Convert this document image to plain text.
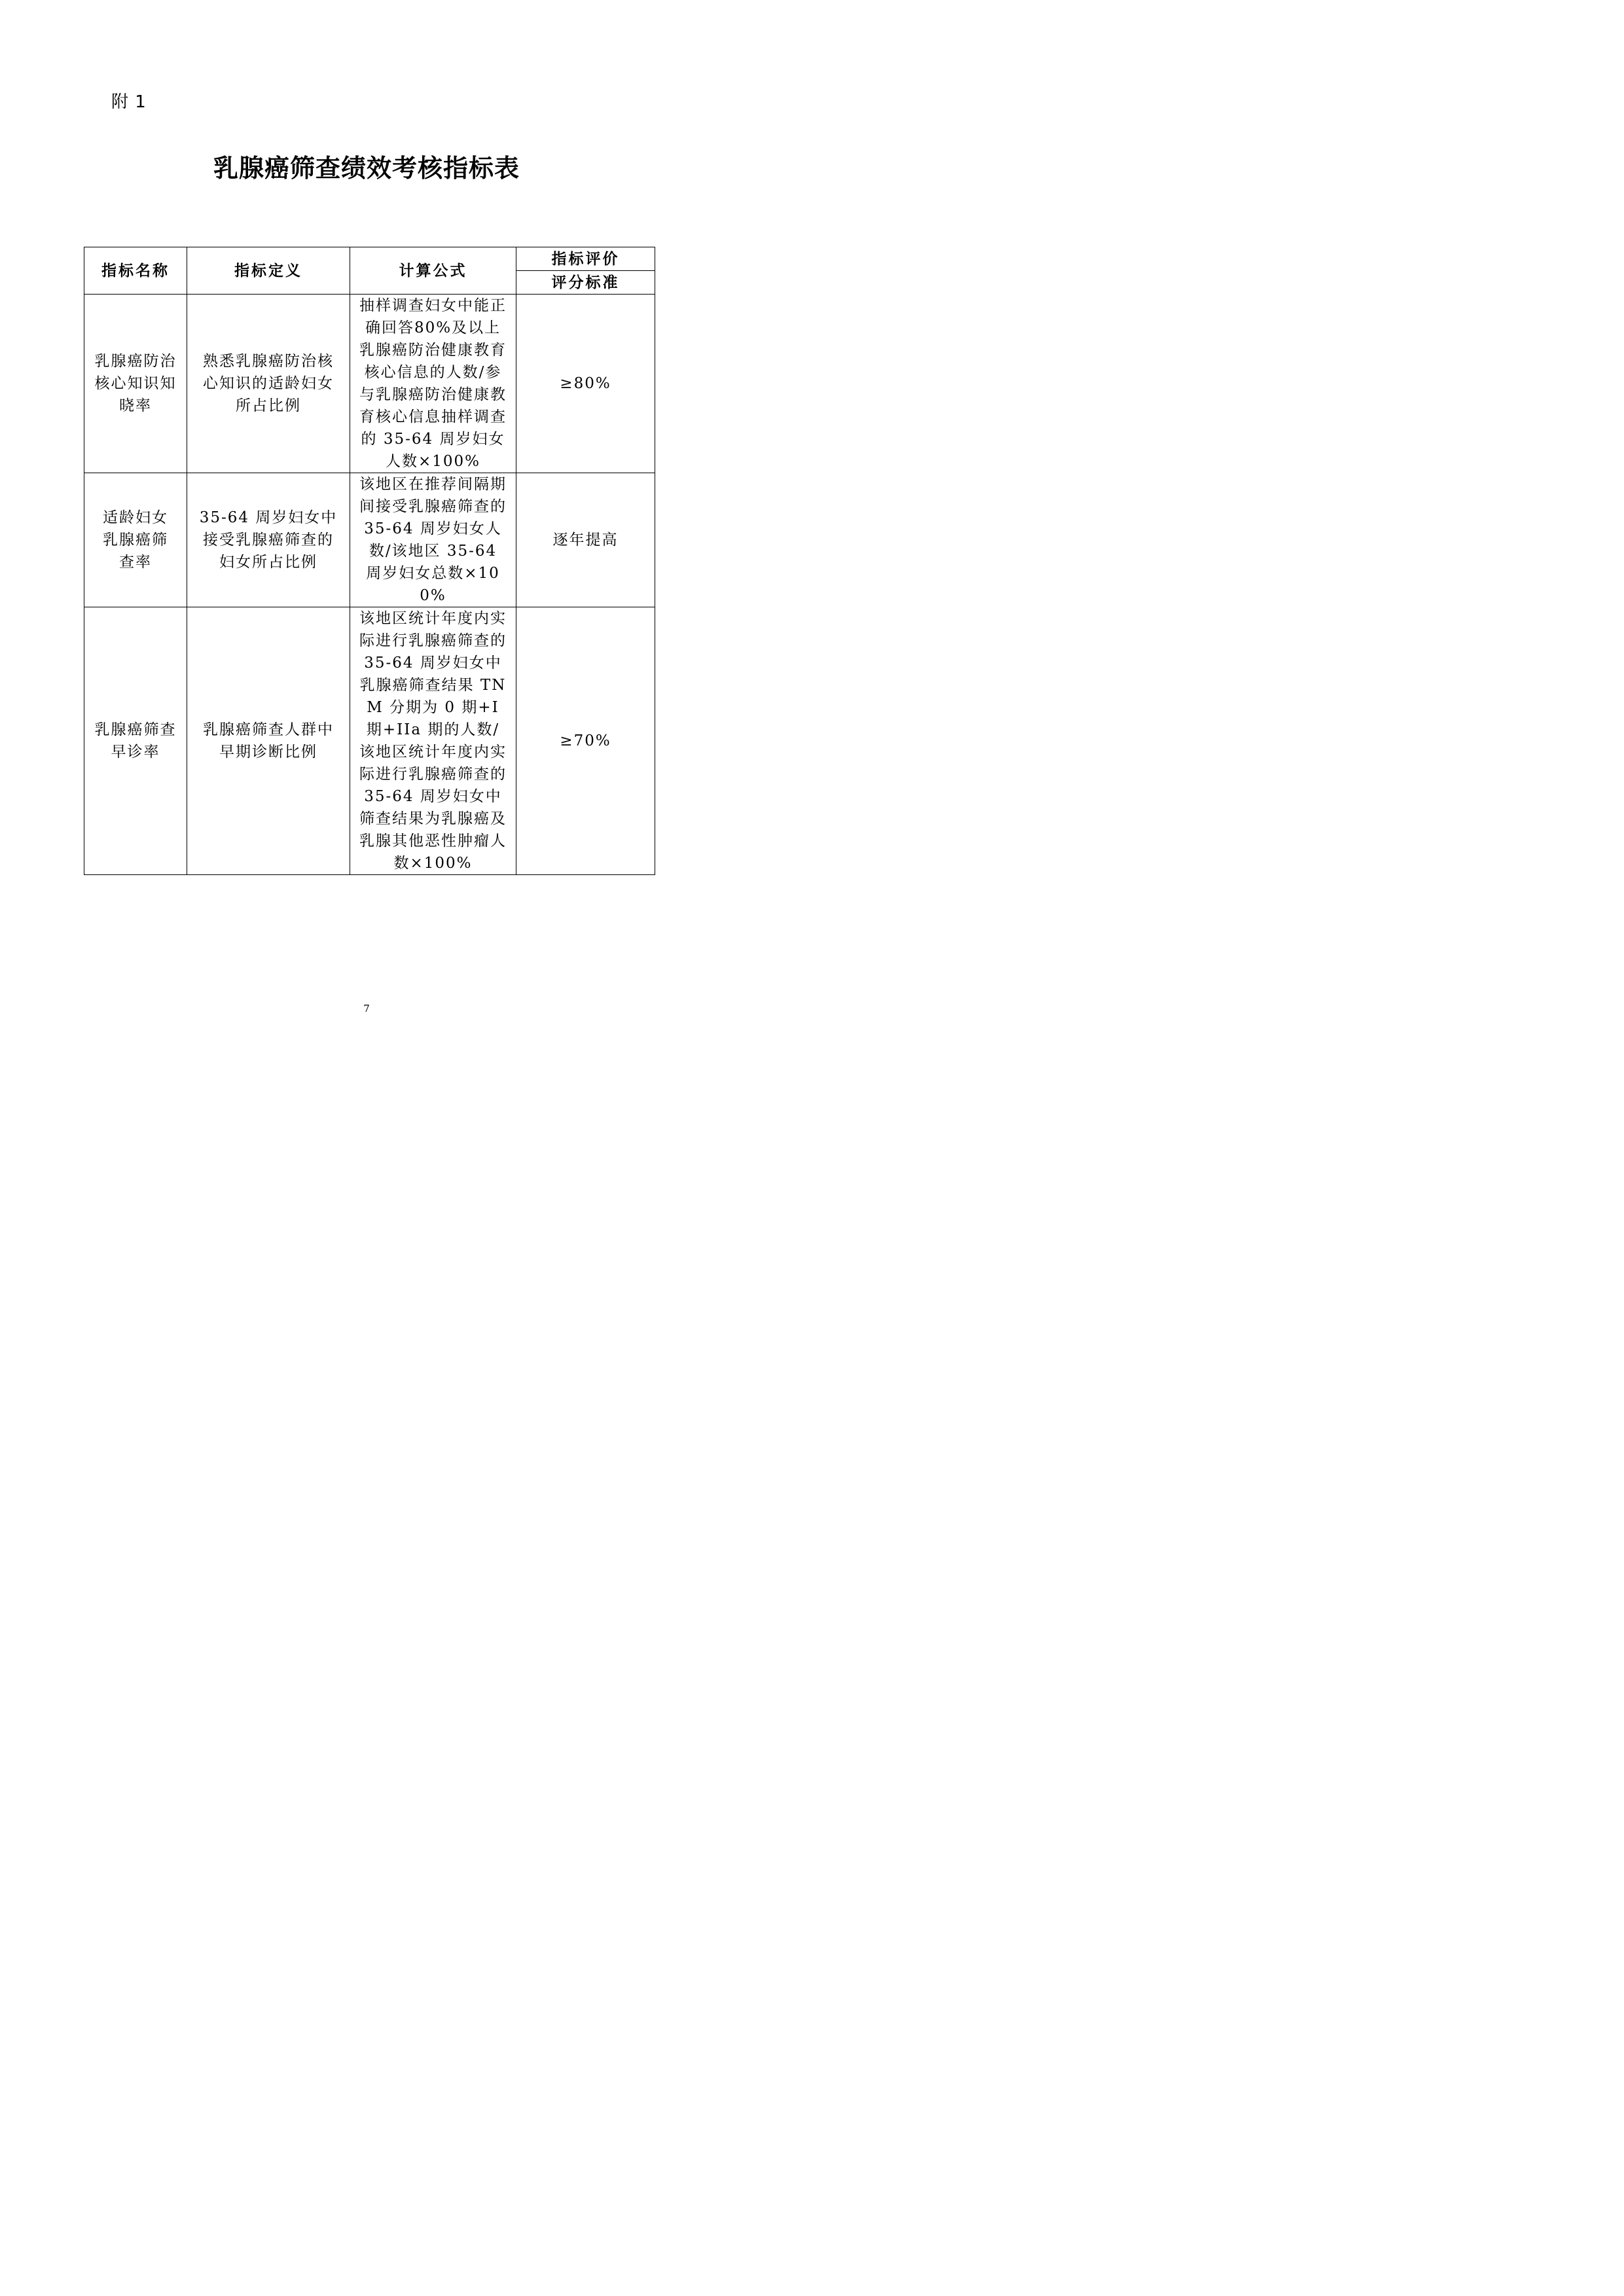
附 1
乳腺癌筛查绩效考核指标表
指标名称	指标定义	计算公式	指标评价
			评分标准

乳腺癌防治核心知识知晓率	熟悉乳腺癌防治核心知识的适龄妇女所占比例	抽样调查妇女中能正确回答80%及以上乳腺癌防治健康教育核心信息的人数/参与乳腺癌防治健康教育核心信息抽样调查的 35-64 周岁妇女人数×100%	≥80%

适龄妇女乳腺癌筛查率	35-64 周岁妇女中接受乳腺癌筛查的妇女所占比例	该地区在推荐间隔期间接受乳腺癌筛查的 35-64 周岁妇女人数/该地区 35-64 周岁妇女总数×100%	逐年提高

乳腺癌筛查早诊率	乳腺癌筛查人群中早期诊断比例	该地区统计年度内实际进行乳腺癌筛查的 35-64 周岁妇女中乳腺癌筛查结果 TNM 分期为 0 期+I 期+IIa 期的人数/该地区统计年度内实际进行乳腺癌筛查的 35-64 周岁妇女中筛查结果为乳腺癌及乳腺其他恶性肿瘤人数×100%	≥70%
7
